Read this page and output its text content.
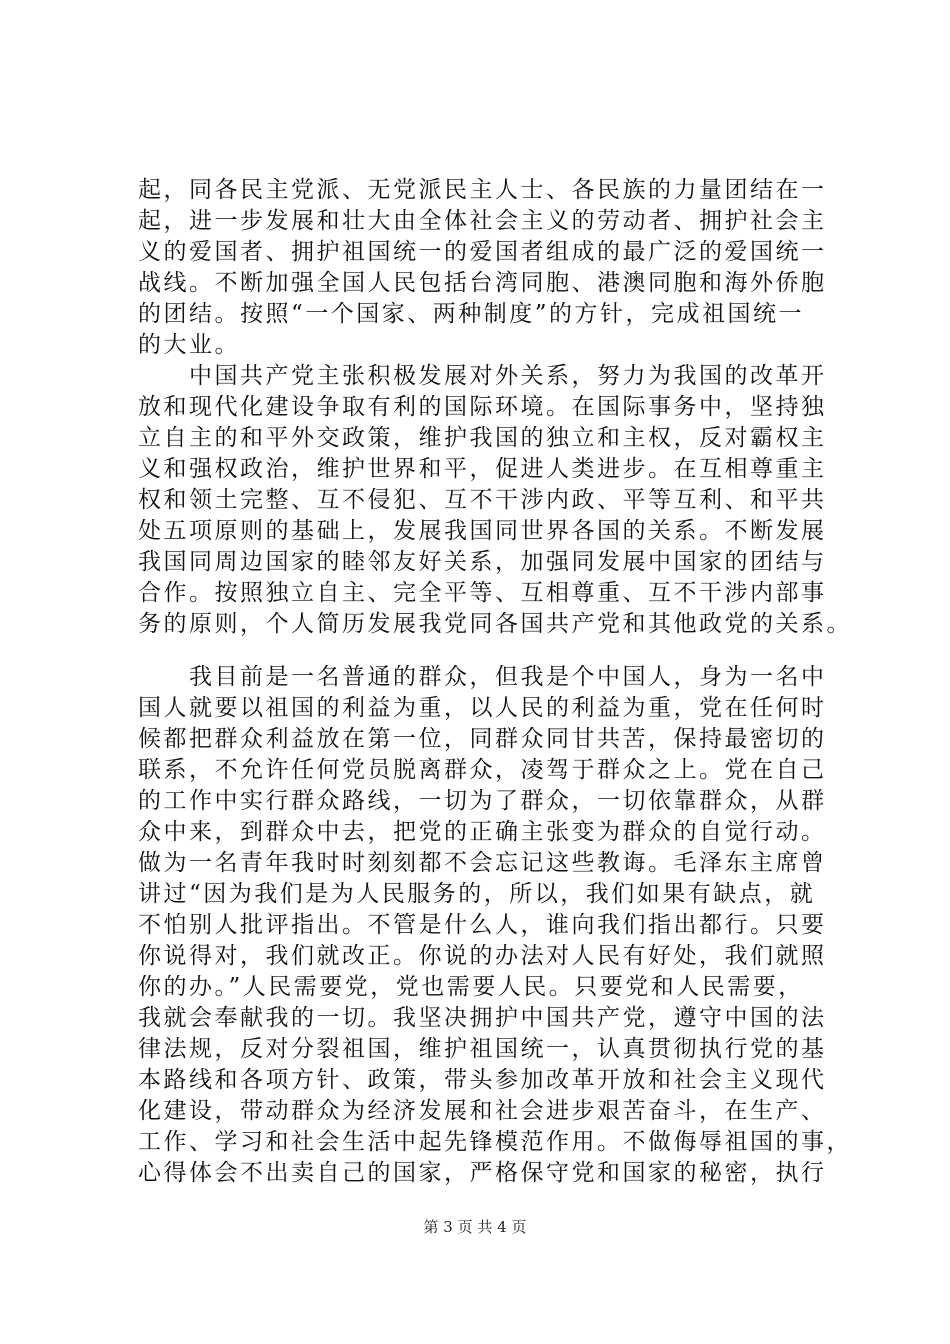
起，同各民主党派、无党派民主人士、各民族的力量团结在一

起，进一步发展和壮大由全体社会主义的劳动者、拥护社会主

义的爱国者、拥护祖国统一的爱国者组成的最广泛的爱国统一

战线。不断加强全国人民包括台湾同胞、港澳同胞和海外侨胞

的团结。按照“一个国家、两种制度”的方针，完成祖国统一

的大业。

　　中国共产党主张积极发展对外关系，努力为我国的改革开

放和现代化建设争取有利的国际环境。在国际事务中，坚持独

立自主的和平外交政策，维护我国的独立和主权，反对霸权主

义和强权政治，维护世界和平，促进人类进步。在互相尊重主

权和领土完整、互不侵犯、互不干涉内政、平等互利、和平共

处五项原则的基础上，发展我国同世界各国的关系。不断发展

我国同周边国家的睦邻友好关系，加强同发展中国家的团结与

合作。按照独立自主、完全平等、互相尊重、互不干涉内部事

务的原则，个人简历发展我党同各国共产党和其他政党的关系。

　　我目前是一名普通的群众，但我是个中国人，身为一名中

国人就要以祖国的利益为重，以人民的利益为重，党在任何时

候都把群众利益放在第一位，同群众同甘共苦，保持最密切的

联系，不允许任何党员脱离群众，凌驾于群众之上。党在自己

的工作中实行群众路线，一切为了群众，一切依靠群众，从群

众中来，到群众中去，把党的正确主张变为群众的自觉行动。

做为一名青年我时时刻刻都不会忘记这些教诲。毛泽东主席曾

讲过“因为我们是为人民服务的，所以，我们如果有缺点，就

不怕别人批评指出。不管是什么人，谁向我们指出都行。只要

你说得对，我们就改正。你说的办法对人民有好处，我们就照

你的办。”人民需要党，党也需要人民。只要党和人民需要，

我就会奉献我的一切。我坚决拥护中国共产党，遵守中国的法

律法规，反对分裂祖国，维护祖国统一，认真贯彻执行党的基

本路线和各项方针、政策，带头参加改革开放和社会主义现代

化建设，带动群众为经济发展和社会进步艰苦奋斗，在生产、

工作、学习和社会生活中起先锋模范作用。不做侮辱祖国的事，

心得体会不出卖自己的国家，严格保守党和国家的秘密，执行

第 3 页 共 4 页
